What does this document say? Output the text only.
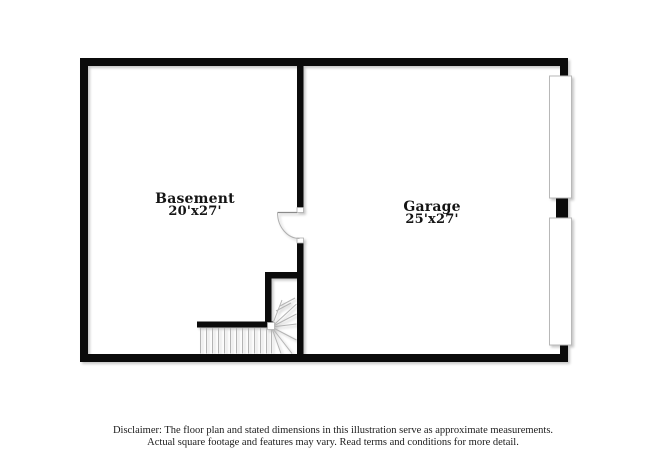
Basement
20'x27'	Garage
25'x27'
Disclaimer: The floor plan and stated dimensions in this illustration serve as approximate measurements.
Actual square footage and features may vary. Read terms and conditions for more detail.
